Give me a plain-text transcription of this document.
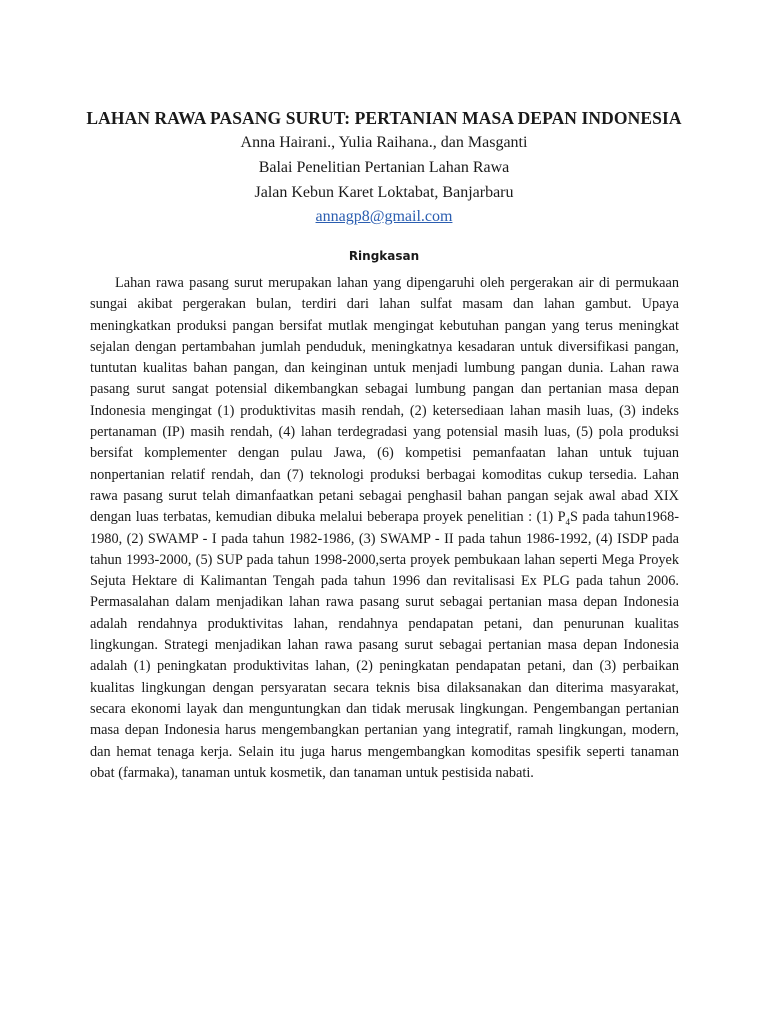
LAHAN RAWA PASANG SURUT: PERTANIAN MASA DEPAN INDONESIA
Anna Hairani., Yulia Raihana., dan Masganti
Balai Penelitian Pertanian Lahan Rawa
Jalan Kebun Karet Loktabat, Banjarbaru
annagp8@gmail.com
Ringkasan

Lahan rawa pasang surut merupakan lahan yang dipengaruhi oleh pergerakan air di permukaan sungai akibat pergerakan bulan, terdiri dari lahan sulfat masam dan lahan gambut. Upaya meningkatkan produksi pangan bersifat mutlak mengingat kebutuhan pangan yang terus meningkat sejalan dengan pertambahan jumlah penduduk, meningkatnya kesadaran untuk diversifikasi pangan, tuntutan kualitas bahan pangan, dan keinginan untuk menjadi lumbung pangan dunia. Lahan rawa pasang surut sangat potensial dikembangkan sebagai lumbung pangan dan pertanian masa depan Indonesia mengingat (1) produktivitas masih rendah, (2) ketersediaan lahan masih luas, (3) indeks pertanaman (IP) masih rendah, (4) lahan terdegradasi yang potensial masih luas, (5) pola produksi bersifat komplementer dengan pulau Jawa, (6) kompetisi pemanfaatan lahan untuk tujuan nonpertanian relatif rendah, dan (7) teknologi produksi berbagai komoditas cukup tersedia. Lahan rawa pasang surut telah dimanfaatkan petani sebagai penghasil bahan pangan sejak awal abad XIX dengan luas terbatas, kemudian dibuka melalui beberapa proyek penelitian : (1) $P_4S$ pada tahun1968-1980, (2) SWAMP - I pada tahun 1982-1986, (3) SWAMP - II pada tahun 1986-1992, (4) ISDP pada tahun 1993-2000, (5) SUP pada tahun 1998-2000,serta proyek pembukaan lahan seperti Mega Proyek Sejuta Hektare di Kalimantan Tengah pada tahun 1996 dan revitalisasi Ex PLG pada tahun 2006. Permasalahan dalam menjadikan lahan rawa pasang surut sebagai pertanian masa depan Indonesia adalah rendahnya produktivitas lahan, rendahnya pendapatan petani, dan penurunan kualitas lingkungan. Strategi menjadikan lahan rawa pasang surut sebagai pertanian masa depan Indonesia adalah (1) peningkatan produktivitas lahan, (2) peningkatan pendapatan petani, dan (3) perbaikan kualitas lingkungan dengan persyaratan secara teknis bisa dilaksanakan dan diterima masyarakat, secara ekonomi layak dan menguntungkan dan tidak merusak lingkungan. Pengembangan pertanian masa depan Indonesia harus mengembangkan pertanian yang integratif, ramah lingkungan, modern, dan hemat tenaga kerja. Selain itu juga harus mengembangkan komoditas spesifik seperti tanaman obat (farmaka), tanaman untuk kosmetik, dan tanaman untuk pestisida nabati.
